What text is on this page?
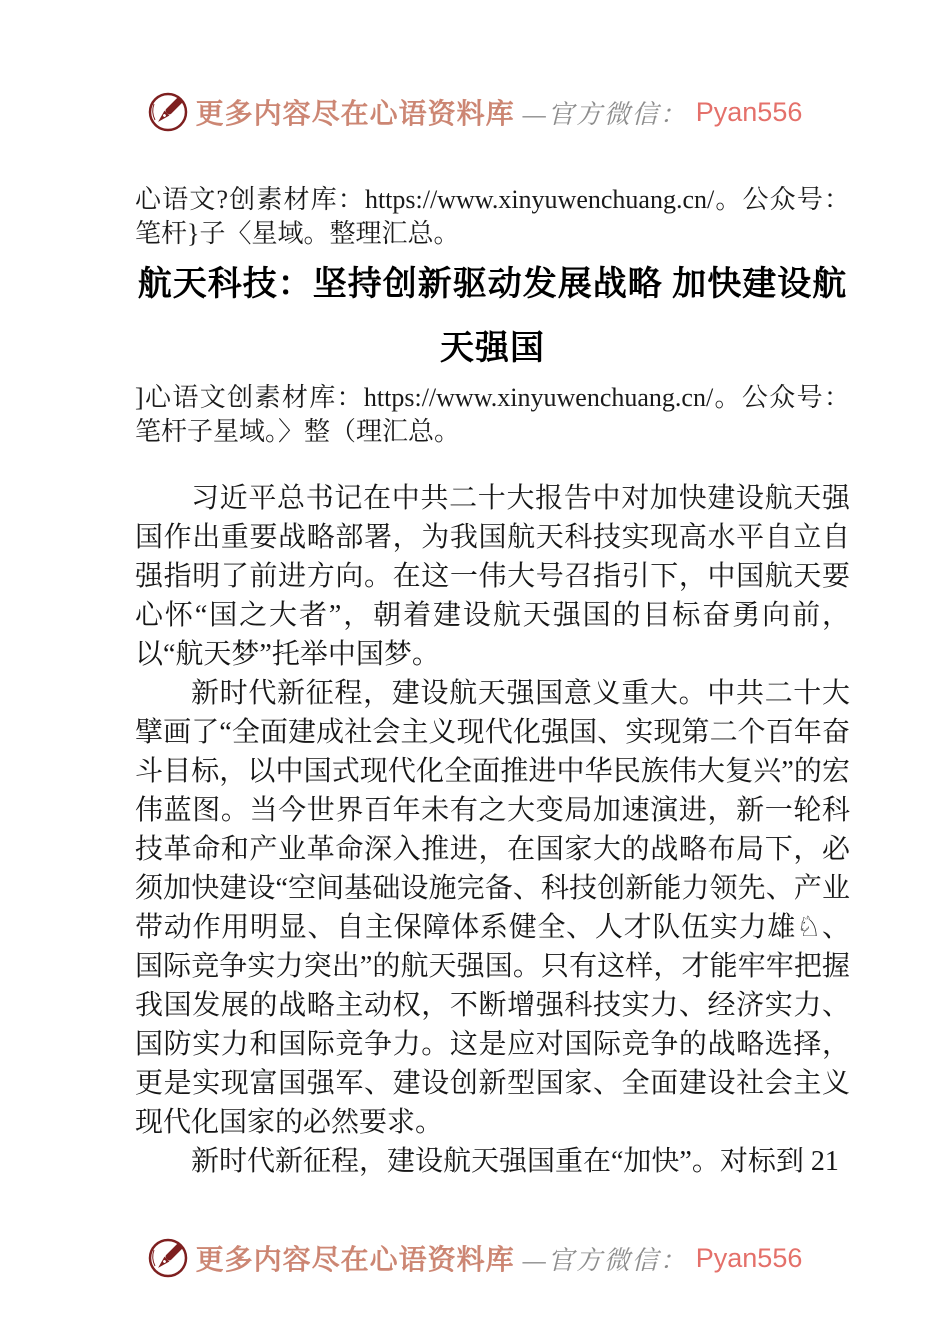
更多内容尽在心语资料库 —官方微信： Pyan556

心语文?创素材库：https://www.xinyuwenchuang.cn/。公众号：笔杆}子〈星域。整理汇总。

航天科技：坚持创新驱动发展战略 加快建设航天强国

]心语文创素材库：https://www.xinyuwenchuang.cn/。公众号：笔杆子星域。〉整（理汇总。

习近平总书记在中共二十大报告中对加快建设航天强国作出重要战略部署，为我国航天科技实现高水平自立自强指明了前进方向。在这一伟大号召指引下，中国航天要心怀“国之大者”，朝着建设航天强国的目标奋勇向前，以“航天梦”托举中国梦。

新时代新征程，建设航天强国意义重大。中共二十大擘画了“全面建成社会主义现代化强国、实现第二个百年奋斗目标，以中国式现代化全面推进中华民族伟大复兴”的宏伟蓝图。当今世界百年未有之大变局加速演进，新一轮科技革命和产业革命深入推进，在国家大的战略布局下，必须加快建设“空间基础设施完备、科技创新能力领先、产业带动作用明显、自主保障体系健全、人才队伍实力雄♘、国际竞争实力突出”的航天强国。只有这样，才能牢牢把握我国发展的战略主动权，不断增强科技实力、经济实力、国防实力和国际竞争力。这是应对国际竞争的战略选择，更是实现富国强军、建设创新型国家、全面建设社会主义现代化国家的必然要求。

新时代新征程，建设航天强国重在“加快”。对标到 21

更多内容尽在心语资料库 —官方微信： Pyan556
